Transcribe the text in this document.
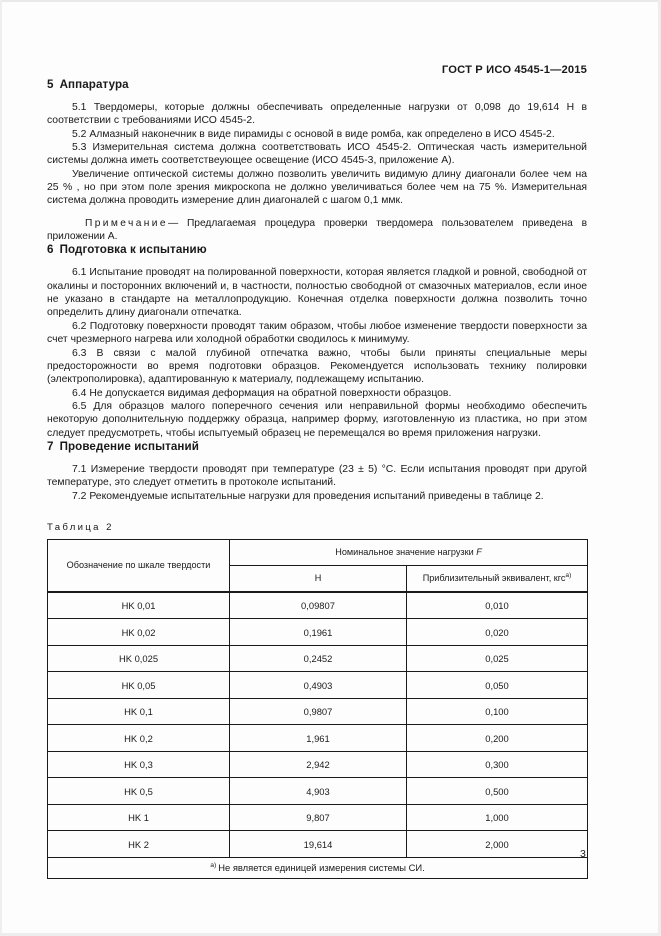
ГОСТ Р ИСО 4545-1—2015
5 Аппаратура

5.1 Твердомеры, которые должны обеспечивать определенные нагрузки от 0,098 до 19,614 Н в соответствии с требованиями ИСО 4545-2.

5.2 Алмазный наконечник в виде пирамиды с основой в виде ромба, как определено в ИСО 4545-2.

5.3 Измерительная система должна соответствовать ИСО 4545-2. Оптическая часть измерительной системы должна иметь соответствеующее освещение (ИСО 4545-3, приложение А).

Увеличение оптической системы должно позволить увеличить видимую длину диагонали более чем на 25 % , но при этом поле зрения микроскопа не должно увеличиваться более чем на 75 %. Измерительная система должна проводить измерение длин диагоналей с шагом 0,1 ммк.

Примечание— Предлагаемая процедура проверки твердомера пользователем приведена в приложении А.

6 Подготовка к испытанию

6.1 Испытание проводят на полированной поверхности, которая является гладкой и ровной, свободной от окалины и посторонних включений и, в частности, полностью свободной от смазочных материалов, если иное не указано в стандарте на металлопродукцию. Конечная отделка поверхности должна позволить точно определить длину диагонали отпечатка.

6.2 Подготовку поверхности проводят таким образом, чтобы любое изменение твердости поверхности за счет чрезмерного нагрева или холодной обработки сводилось к минимуму.

6.3 В связи с малой глубиной отпечатка важно, чтобы были приняты специальные меры предосторожности во время подготовки образцов. Рекомендуется использовать технику полировки (электрополировка), адаптированную к материалу, подлежащему испытанию.

6.4 Не допускается видимая деформация на обратной поверхности образцов.

6.5 Для образцов малого поперечного сечения или неправильной формы необходимо обеспечить некоторую дополнительную поддержку образца, например форму, изготовленную из пластика, но при этом следует предусмотреть, чтобы испытуемый образец не перемещался во время приложения нагрузки.

7 Проведение испытаний

7.1 Измерение твердости проводят при температуре (23 ± 5) °C. Если испытания проводят при другой температуре, это следует отметить в протоколе испытаний.

7.2 Рекомендуемые испытательные нагрузки для проведения испытаний приведены в таблице 2.

Таблица 2
Обозначение по шкале твердости	Номинальное значение нагрузки F	
	Н	Приблизительный эквивалент, кгс$^{а)}$
HK 0,01	0,09807	0,010
HK 0,02	0,1961	0,020
HK 0,025	0,2452	0,025
HK 0,05	0,4903	0,050
HK 0,1	0,9807	0,100
HK 0,2	1,961	0,200
HK 0,3	2,942	0,300
HK 0,5	4,903	0,500
HK 1	9,807	1,000
HK 2	19,614	2,000
$^{а)}$ Не является единицей измерения системы СИ.		
3
